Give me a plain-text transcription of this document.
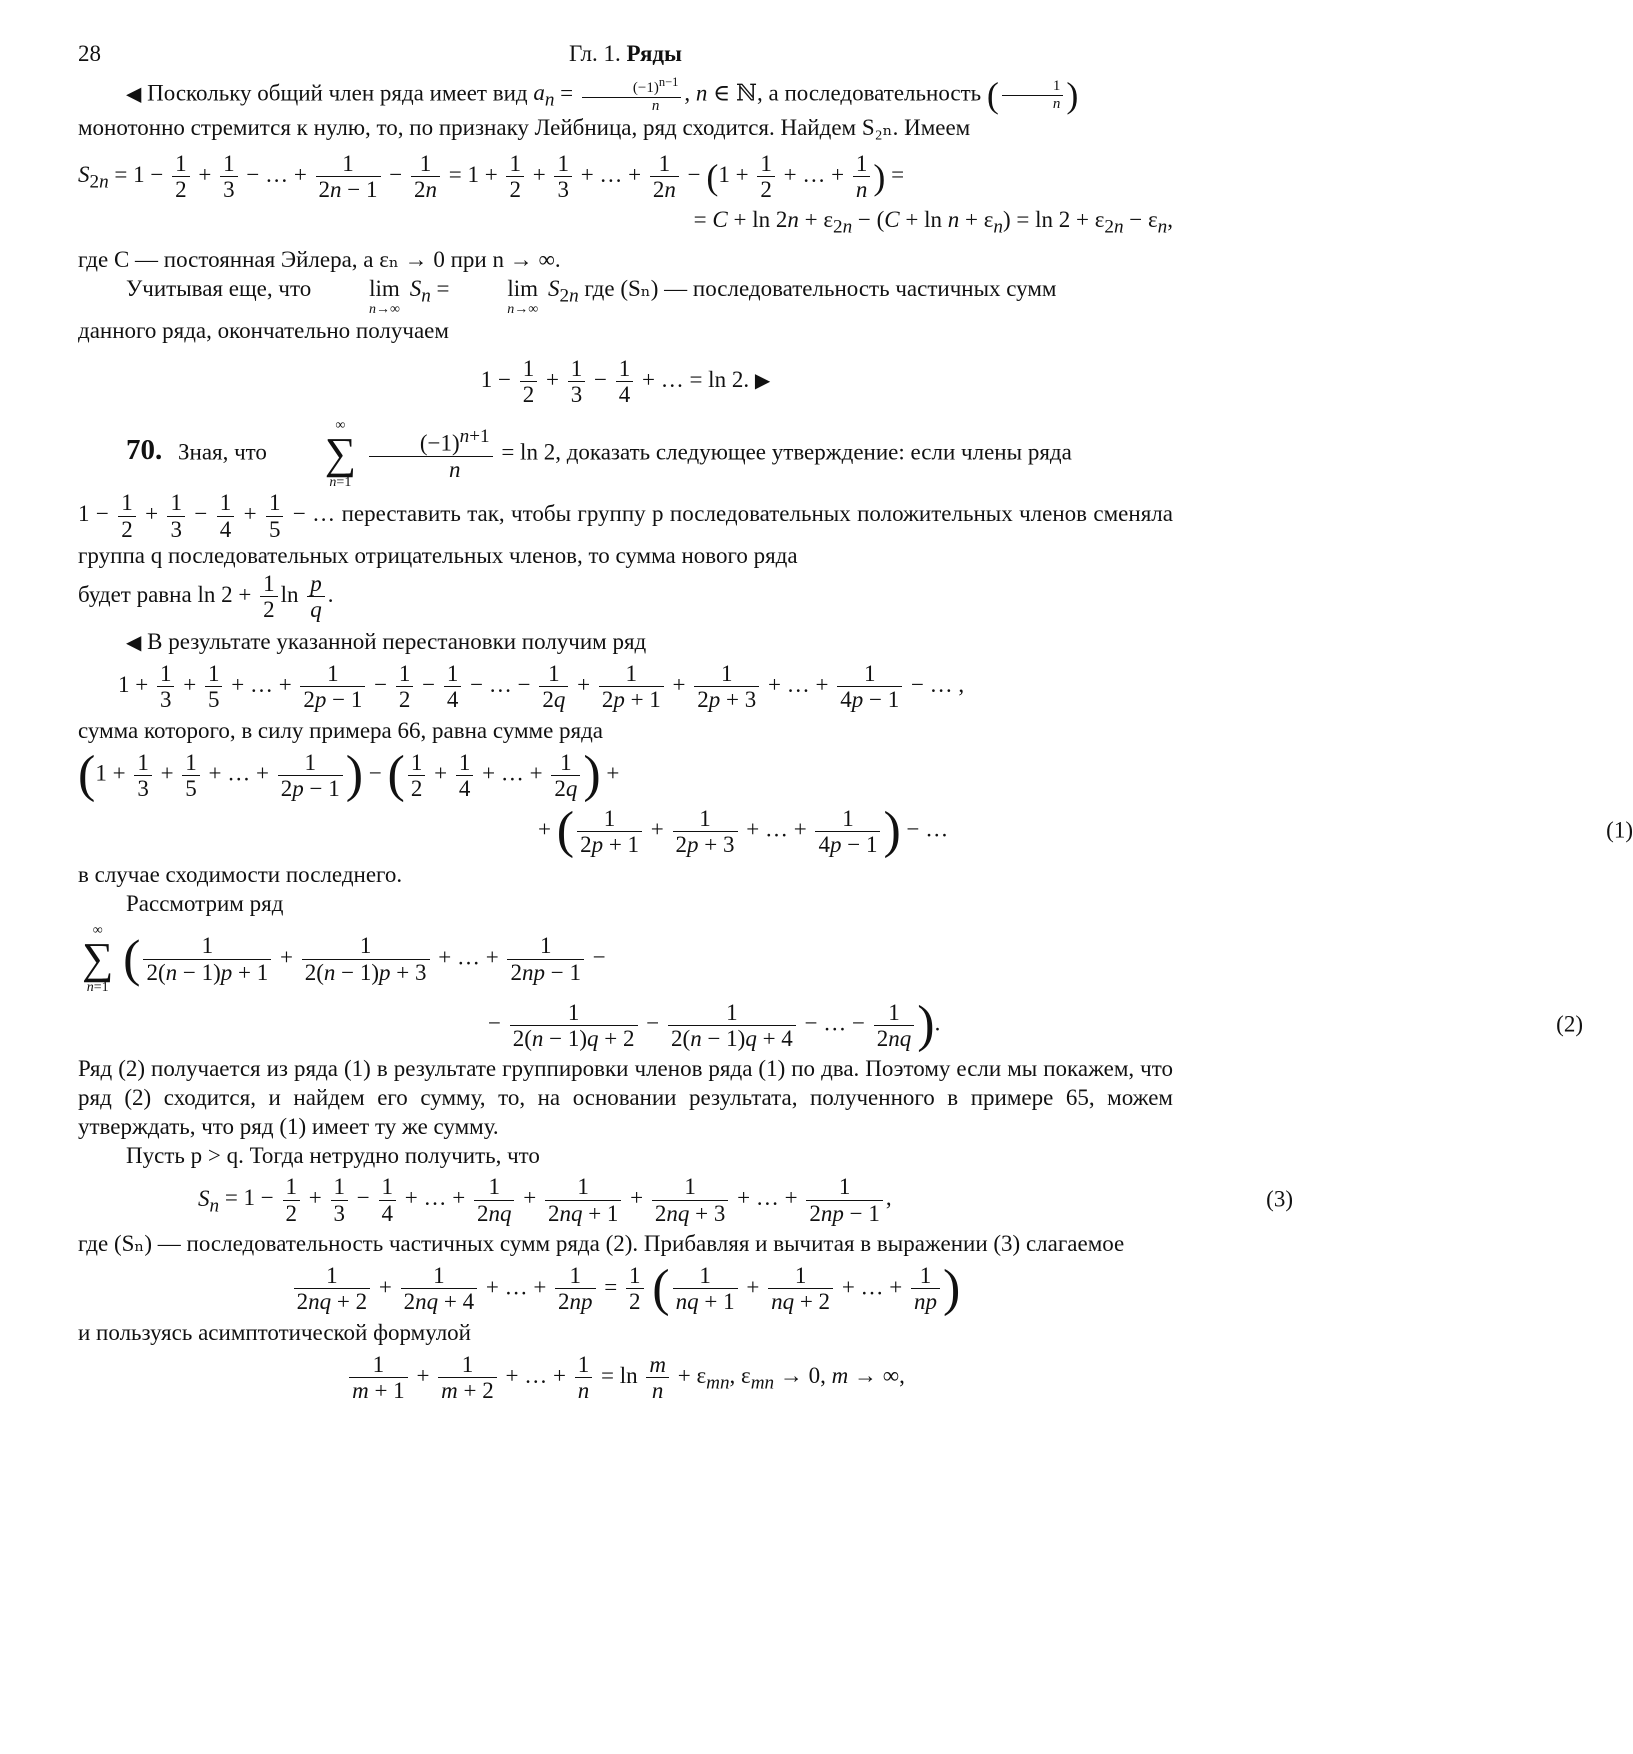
28	Гл. 1. Ряды

◀ Поскольку общий член ряда имеет вид $a_n = \frac{(-1)^{n-1}}{n}$ , n ∈ ℕ, а последовательность ( $\frac{1}{n}$ )

монотонно стремится к нулю, то, по признаку Лейбница, ряд сходится. Найдем S₂ₙ. Имеем

$S_{2n} = 1 - \frac{1}{2} + \frac{1}{3}$ − … + $\frac{1}{2n - 1} - \frac{1}{2n} = 1 + \frac{1}{2} + \frac{1}{3}$ + … + $\frac{1}{2n} - (1 + \frac{1}{2}$ + … + $\frac{1}{n}$ ) =
= $C + \ln 2n + \varepsilon_{2n} - (C + \ln n + \varepsilon_n) = \ln 2 + \varepsilon_{2n} - \varepsilon_n$,

где C — постоянная Эйлера, а εₙ → 0 при n → ∞.

Учитывая еще, что	lim
n→∞
$S_n$ =	lim
n→∞
$S_{2n}$ где (Sₙ) — последовательность частичных сумм

данного ряда, окончательно получаем

$1 - \frac{1}{2} + \frac{1}{3} - \frac{1}{4}$ + … = ln 2. ▶

70. Зная, что
∞
∑
n=1

$\frac{(-1)^{n+1}}{n} = \ln 2$, доказать следующее утверждение: если члены ряда

$1 - \frac{1}{2} + \frac{1}{3} - \frac{1}{4} + \frac{1}{5}$ − … переставить так, чтобы группу p последовательных положительных членов сменяла группа q последовательных отрицательных членов, то сумма нового ряда

будет равна $\ln 2 + \frac{1}{2}$ $\ln \frac{p}{q}$ .

◀ В результате указанной перестановки получим ряд

$1 + \frac{1}{3} + \frac{1}{5}$ + … + $\frac{1}{2p - 1} - \frac{1}{2} - \frac{1}{4}$ − … − $\frac{1}{2q} + \frac{1}{2p + 1} + \frac{1}{2p + 3}$ + … + $\frac{1}{4p - 1}$ − … ,

сумма которого, в силу примера 66, равна сумме ряда

($1 + \frac{1}{3} + \frac{1}{5}$ + … + $\frac{1}{2p - 1}$ ) − ( $\frac{1}{2} + \frac{1}{4}$ + … + $\frac{1}{2q}$ ) +
+ ( $\frac{1}{2p + 1} + \frac{1}{2p + 3}$ + … + $\frac{1}{4p - 1}$ ) − …	(1)

в случае сходимости последнего.

Рассмотрим ряд

∞
∑
n=1
( $\frac{1}{2(n - 1)p + 1} + \frac{1}{2(n - 1)p + 3}$ + … + $\frac{1}{2np - 1}$ −
− $\frac{1}{2(n - 1)q + 2} - \frac{1}{2(n - 1)q + 4}$ − … − $\frac{1}{2nq}$ ).	(2)

Ряд (2) получается из ряда (1) в результате группировки членов ряда (1) по два. Поэтому если мы покажем, что ряд (2) сходится, и найдем его сумму, то, на основании результата, полученного в примере 65, можем утверждать, что ряд (1) имеет ту же сумму.

Пусть p > q. Тогда нетрудно получить, что

$S_n = 1 - \frac{1}{2} + \frac{1}{3} - \frac{1}{4}$ + … + $\frac{1}{2nq} + \frac{1}{2nq + 1} + \frac{1}{2nq + 3}$ + … + $\frac{1}{2np - 1}$ ,	(3)

где (Sₙ) — последовательность частичных сумм ряда (2). Прибавляя и вычитая в выражении (3) слагаемое

$\frac{1}{2nq + 2} + \frac{1}{2nq + 4}$ + … + $\frac{1}{2np} = \frac{1}{2}$ ( $\frac{1}{nq + 1} + \frac{1}{nq + 2}$ + … + $\frac{1}{np}$ )

и пользуясь асимптотической формулой

$\frac{1}{m + 1} + \frac{1}{m + 2}$ + … + $\frac{1}{n} = \ln \frac{m}{n} + \varepsilon_{mn}$, $\varepsilon_{mn} \to 0$, m → ∞,
